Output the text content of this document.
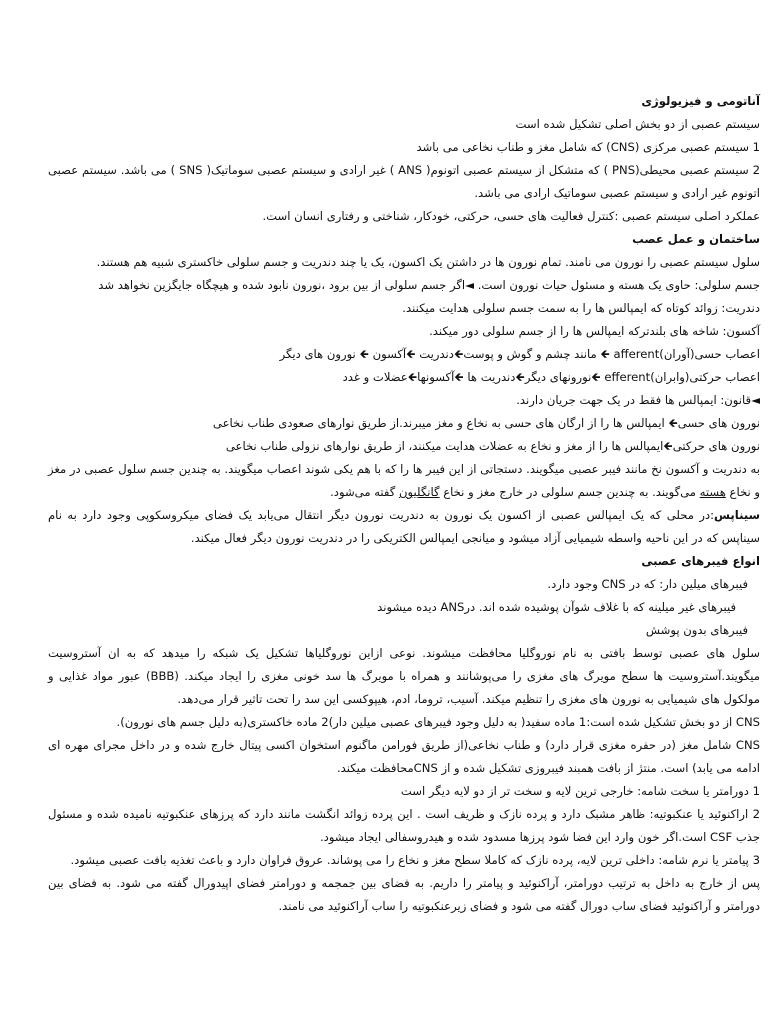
آناتومی و فیزیولوژی

سیستم عصبی از دو بخش اصلی تشکیل شده است

1 سیستم عصبی مرکزی (CNS) که شامل مغز و طناب نخاعی می باشد

2 سیستم عصبی محیطی(PNS ) که متشکل از سیستم عصبی اتونوم( ANS ) غیر ارادی و سیستم عصبی سوماتیک( SNS ) می باشد. سیستم عصبی اتونوم غیر ارادی و سیستم عصبی سوماتیک ارادی می باشد.

عملکرد اصلی سیستم عصبی :کنترل فعالیت های حسی، حرکتی، خودکار، شناختی و رفتاری انسان است.

ساختمان و عمل عصب

سلول سیستم عصبی را نورون می نامند. تمام نورون ها در داشتن یک اکسون، یک یا چند دندریت و جسم سلولی خاکستری شبیه هم هستند.

جسم سلولی: حاوی یک هسته و مسئول حیات نورون است. ◄اگر جسم سلولی از بین برود ،نورون نابود شده و هیچگاه جایگزین نخواهد شد

دندریت: زوائد کوتاه که ایمپالس ها را به سمت جسم سلولی هدایت میکنند.

آکسون: شاخه های بلندترکه ایمپالس ها را از جسم سلولی دور میکند.

اعصاب حسی(آوران)afferent 🡸 مانند چشم و گوش و پوست🡸دندریت 🡸آکسون 🡸 نورون های دیگر

اعصاب حرکتی(وابران)efferent 🡸نورونهای دیگر🡸دندریت ها 🡸آکسونها🡸عضلات و غدد

◄قانون: ایمپالس ها فقط در یک جهت جریان دارند.

نورون های حسی🡸 ایمپالس ها را از ارگان های حسی به نخاع و مغز میبرند.از طریق نوارهای صعودی طناب نخاعی

نورون های حرکتی🡸ایمپالس ها را از مغز و نخاع به عضلات هدایت میکنند، از طریق نوارهای نزولی طناب نخاعی

به دندریت و آکسون نخ مانند فیبر عصبی میگویند. دستجاتی از این فیبر ها را که با هم یکی شوند اعصاب میگویند. به چندین جسم سلول عصبی در مغز و نخاع هسته می‌گویند. به چندین جسم سلولی در خارج مغز و نخاع گانگلیون گفته می‌شود.

سیناپس:در محلی که یک ایمپالس عصبی از اکسون یک نورون به دندریت نورون دیگر انتقال می‌یابد یک فضای میکروسکوپی وجود دارد به نام سیناپس که در این ناحیه واسطه شیمیایی آزاد میشود و میانجی ایمپالس الکتریکی را در دندریت نورون دیگر فعال میکند.

انواع فیبرهای عصبی

فیبرهای میلین دار: که در CNS وجود دارد.

فیبرهای غیر میلینه که با غلاف شوآن پوشیده شده اند. درANS دیده میشوند

فیبرهای بدون پوشش

سلول های عصبی توسط بافتی به نام نوروگلیا محافظت میشوند. نوعی ازاین نوروگلیاها تشکیل یک شبکه را میدهد که به ان آستروسیت میگویند.آستروسیت ها سطح مویرگ های مغزی را می‌پوشانند و همراه با مویرگ ها سد خونی مغزی را ایجاد میکند. (BBB) عبور مواد غذایی و مولکول های شیمیایی به نورون های مغزی را تنظیم میکند. آسیب، تروما، ادم، هیپوکسی این سد را تحت تاثیر قرار می‌دهد.

CNS از دو بخش تشکیل شده است:1 ماده سفید( به دلیل وجود فیبرهای عصبی میلین دار)2 ماده خاکستری(به دلیل جسم های نورون).

CNS شامل مغز (در حفره مغزی قرار دارد) و طناب نخاعی(از طریق فورامن ماگنوم استخوان اکسی پیتال خارج شده و در داخل مجرای مهره ای ادامه می یابد) است. منتژ از بافت همبند فیبروزی تشکیل شده و از CNSمحافظت میکند.

1 دورامتر یا سخت شامه: خارجی ترین لایه و سخت تر از دو لایه دیگر است

2 اراکنوئید یا عنکبوتیه: ظاهر مشبک دارد و پرده نازک و ظریف است . این پرده زوائد انگشت مانند دارد که پرزهای عنکبوتیه نامیده شده و مسئول جذب CSF است.اگر خون وارد این فضا شود پرزها مسدود شده و هیدروسفالی ایجاد میشود.

3 پیامتر یا نرم شامه: داخلی ترین لایه، پرده نازک که کاملا سطح مغز و نخاع را می پوشاند. عروق فراوان دارد و باعث تغذیه بافت عصبی میشود.

پس از خارج به داخل به ترتیب دورامتر، آراکنوئید و پیامتر را داریم. به فضای بین جمجمه و دورامتر فضای اپیدورال گفته می شود. به فضای بین دورامتر و آراکنوئید فضای ساب دورال گفته می شود و فضای زیرعنکبوتیه را ساب آراکنوئید می نامند.
